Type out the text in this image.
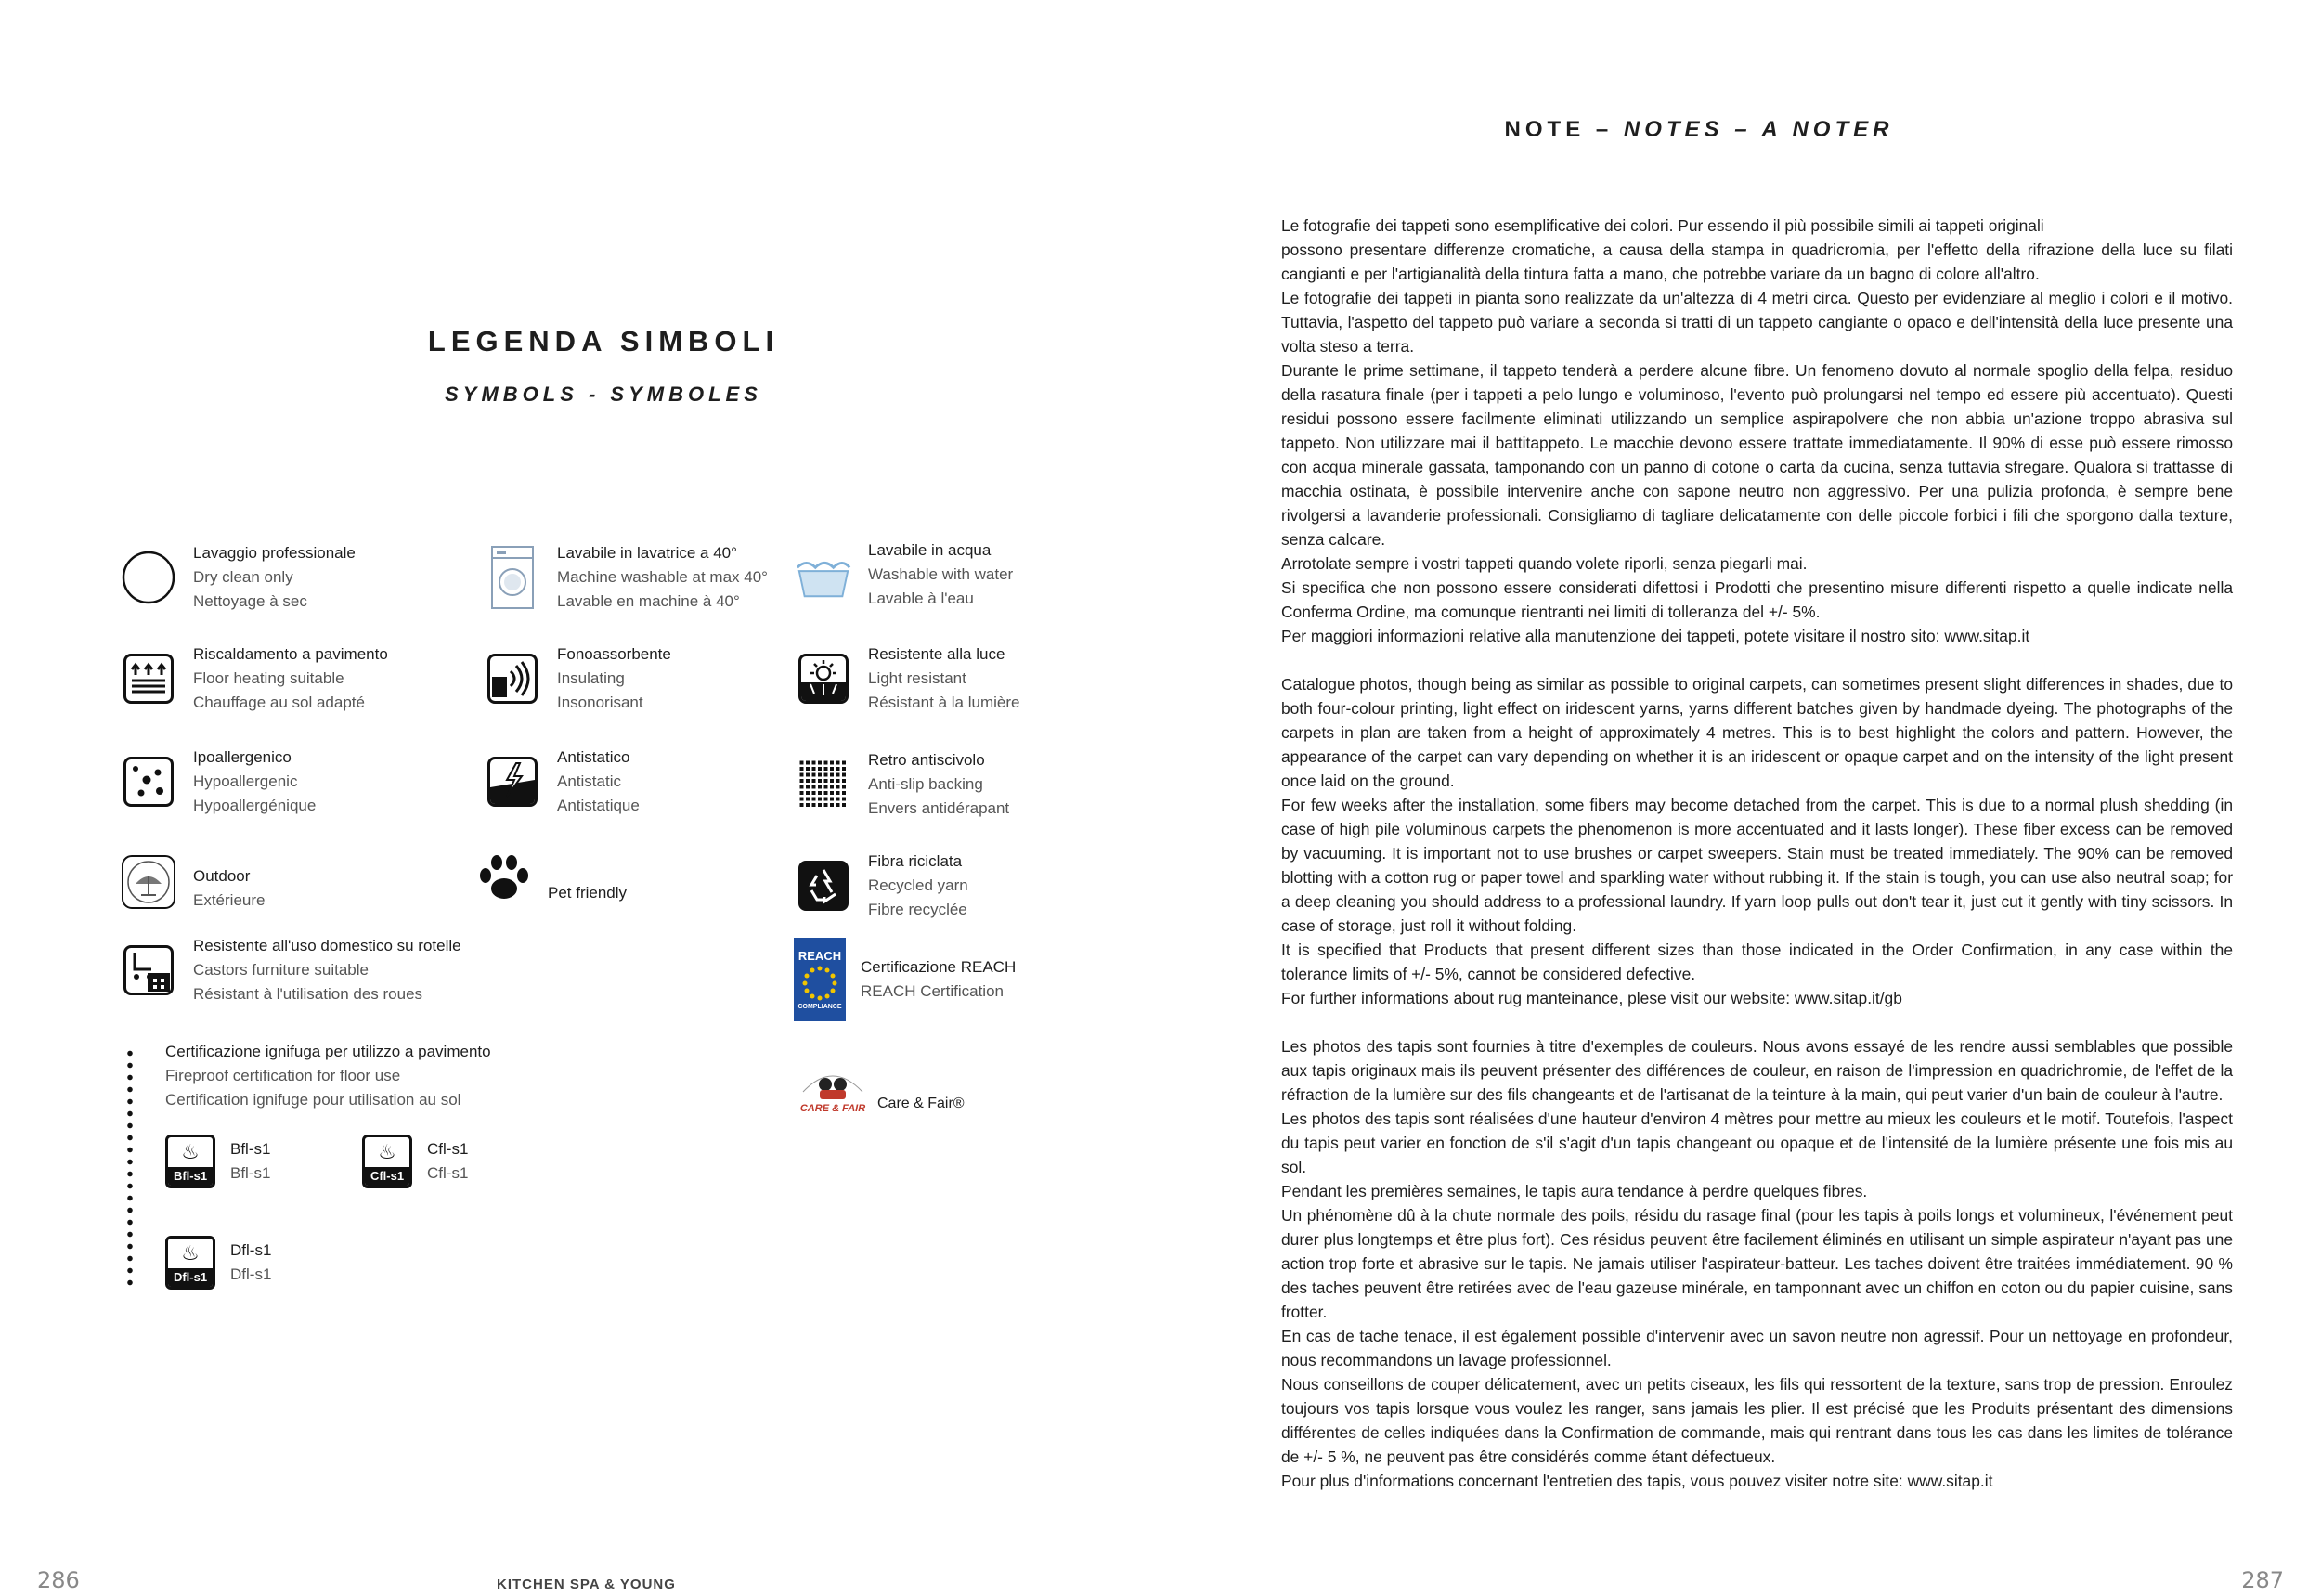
LEGENDA SIMBOLI
SYMBOLS - SYMBOLES
Lavaggio professionale
Dry clean only
Nettoyage à sec
Lavabile in lavatrice a 40°
Machine washable at max 40°
Lavable en machine à 40°
Lavabile in acqua
Washable with water
Lavable à l'eau
Riscaldamento a pavimento
Floor heating suitable
Chauffage au sol adapté
Fonoassorbente
Insulating
Insonorisant
Resistente alla luce
Light resistant
Résistant à la lumière
Ipoallergenico
Hypoallergenic
Hypoallergénique
Antistatico
Antistatic
Antistatique
Retro antiscivolo
Anti-slip backing
Envers antidérapant
Outdoor
Extérieure	Pet friendly
Fibra riciclata
Recycled yarn
Fibre recyclée
Resistente all'uso domestico su rotelle
Castors furniture suitable
Résistant à l'utilisation des roues
REACH
COMPLIANCE
Certificazione REACH
REACH Certification
Certificazione ignifuga per utilizzo a pavimento
Fireproof certification for floor use
Certification ignifuge pour utilisation au sol
♨
Bfl-s1
Bfl-s1
Bfl-s1
♨
Cfl-s1
Cfl-s1
Cfl-s1
♨
Dfl-s1
Dfl-s1
Dfl-s1
CARE & FAIR Care & Fair®
NOTE – NOTES – A NOTER

Le fotografie dei tappeti sono esemplificative dei colori. Pur essendo il più possibile simili ai tappeti originali

possono presentare differenze cromatiche, a causa della stampa in quadricromia, per l'effetto della rifrazione della luce su filati cangianti e per l'artigianalità della tintura fatta a mano, che potrebbe variare da un bagno di colore all'altro.

Le fotografie dei tappeti in pianta sono realizzate da un'altezza di 4 metri circa. Questo per evidenziare al meglio i colori e il motivo. Tuttavia, l'aspetto del tappeto può variare a seconda si tratti di un tappeto cangiante o opaco e dell'intensità della luce presente una volta steso a terra.

Durante le prime settimane, il tappeto tenderà a perdere alcune fibre. Un fenomeno dovuto al normale spoglio della felpa, residuo della rasatura finale (per i tappeti a pelo lungo e voluminoso, l'evento può prolungarsi nel tempo ed essere più accentuato). Questi residui possono essere facilmente eliminati utilizzando un semplice aspirapolvere che non abbia un'azione troppo abrasiva sul tappeto. Non utilizzare mai il battitappeto. Le macchie devono essere trattate immediatamente. Il 90% di esse può essere rimosso con acqua minerale gassata, tamponando con un panno di cotone o carta da cucina, senza tuttavia sfregare. Qualora si trattasse di macchia ostinata, è possibile intervenire anche con sapone neutro non aggressivo. Per una pulizia profonda, è sempre bene rivolgersi a lavanderie professionali. Consigliamo di tagliare delicatamente con delle piccole forbici i fili che sporgono dalla texture, senza calcare.

Arrotolate sempre i vostri tappeti quando volete riporli, senza piegarli mai.

Si specifica che non possono essere considerati difettosi i Prodotti che presentino misure differenti rispetto a quelle indicate nella Conferma Ordine, ma comunque rientranti nei limiti di tolleranza del +/- 5%.

Per maggiori informazioni relative alla manutenzione dei tappeti, potete visitare il nostro sito: www.sitap.it

Catalogue photos, though being as similar as possible to original carpets, can sometimes present slight differences in shades, due to both four-colour printing, light effect on iridescent yarns, yarns different batches given by handmade dyeing. The photographs of the carpets in plan are taken from a height of approximately 4 metres. This is to best highlight the colors and pattern. However, the appearance of the carpet can vary depending on whether it is an iridescent or opaque carpet and on the intensity of the light present once laid on the ground.

For few weeks after the installation, some fibers may become detached from the carpet. This is due to a normal plush shedding (in case of high pile voluminous carpets the phenomenon is more accentuated and it lasts longer). These fiber excess can be removed by vacuuming. It is important not to use brushes or carpet sweepers. Stain must be treated immediately. The 90% can be removed blotting with a cotton rug or paper towel and sparkling water without rubbing it. If the stain is tough, you can use also neutral soap; for a deep cleaning you should address to a professional laundry. If yarn loop pulls out don't tear it, just cut it gently with tiny scissors. In case of storage, just roll it without folding.

It is specified that Products that present different sizes than those indicated in the Order Confirmation, in any case within the tolerance limits of +/- 5%, cannot be considered defective.

For further informations about rug manteinance, plese visit our website: www.sitap.it/gb

Les photos des tapis sont fournies à titre d'exemples de couleurs. Nous avons essayé de les rendre aussi semblables que possible aux tapis originaux mais ils peuvent présenter des différences de couleur, en raison de l'impression en quadrichromie, de l'effet de la réfraction de la lumière sur des fils changeants et de l'artisanat de la teinture à la main, qui peut varier d'un bain de couleur à l'autre.

Les photos des tapis sont réalisées d'une hauteur d'environ 4 mètres pour mettre au mieux les couleurs et le motif. Toutefois, l'aspect du tapis peut varier en fonction de s'il s'agit d'un tapis changeant ou opaque et de l'intensité de la lumière présente une fois mis au sol.

Pendant les premières semaines, le tapis aura tendance à perdre quelques fibres.

Un phénomène dû à la chute normale des poils, résidu du rasage final (pour les tapis à poils longs et volumineux, l'événement peut durer plus longtemps et être plus fort). Ces résidus peuvent être facilement éliminés en utilisant un simple aspirateur n'ayant pas une action trop forte et abrasive sur le tapis. Ne jamais utiliser l'aspirateur-batteur. Les taches doivent être traitées immédiatement. 90 % des taches peuvent être retirées avec de l'eau gazeuse minérale, en tamponnant avec un chiffon en coton ou du papier cuisine, sans frotter.

En cas de tache tenace, il est également possible d'intervenir avec un savon neutre non agressif. Pour un nettoyage en profondeur, nous recommandons un lavage professionnel.

Nous conseillons de couper délicatement, avec un petits ciseaux, les fils qui ressortent de la texture, sans trop de pression. Enroulez toujours vos tapis lorsque vous voulez les ranger, sans jamais les plier. Il est précisé que les Produits présentant des dimensions différentes de celles indiquées dans la Confirmation de commande, mais qui rentrant dans tous les cas dans les limites de tolérance de +/- 5 %, ne peuvent pas être considérés comme étant défectueux.

Pour plus d'informations concernant l'entretien des tapis, vous pouvez visiter notre site: www.sitap.it

286	KITCHEN SPA & YOUNG	287
